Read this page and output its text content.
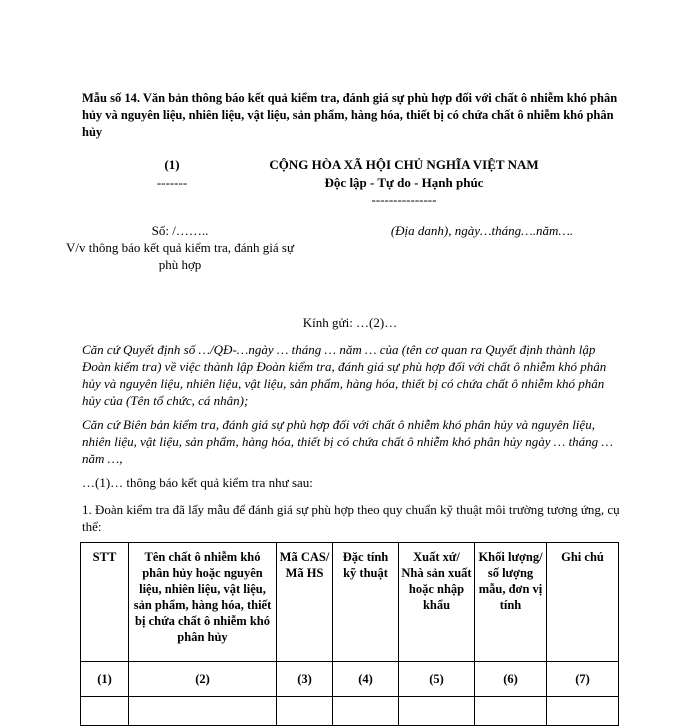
Mẫu số 14. Văn bản thông báo kết quả kiểm tra, đánh giá sự phù hợp đối với chất ô nhiễm khó phân hủy và nguyên liệu, nhiên liệu, vật liệu, sản phẩm, hàng hóa, thiết bị có chứa chất ô nhiễm khó phân hủy
(1)
-------
CỘNG HÒA XÃ HỘI CHỦ NGHĨA VIỆT NAM
Độc lập - Tự do - Hạnh phúc
---------------
Số: /……..
V/v thông báo kết quả kiểm tra, đánh giá sự phù hợp
(Địa danh), ngày…tháng….năm….
Kính gửi: …(2)…
Căn cứ Quyết định số …/QĐ-…ngày … tháng … năm … của (tên cơ quan ra Quyết định thành lập Đoàn kiểm tra) về việc thành lập Đoàn kiểm tra, đánh giá sự phù hợp đối với chất ô nhiễm khó phân hủy và nguyên liệu, nhiên liệu, vật liệu, sản phẩm, hàng hóa, thiết bị có chứa chất ô nhiễm khó phân hủy của (Tên tổ chức, cá nhân);
Căn cứ Biên bản kiểm tra, đánh giá sự phù hợp đối với chất ô nhiễm khó phân hủy và nguyên liệu, nhiên liệu, vật liệu, sản phẩm, hàng hóa, thiết bị có chứa chất ô nhiễm khó phân hủy ngày … tháng … năm …,
…(1)… thông báo kết quả kiểm tra như sau:
1. Đoàn kiểm tra đã lấy mẫu để đánh giá sự phù hợp theo quy chuẩn kỹ thuật môi trường tương ứng, cụ thể:
STT	Tên chất ô nhiễm khó phân hủy hoặc nguyên liệu, nhiên liệu, vật liệu, sản phẩm, hàng hóa, thiết bị chứa chất ô nhiễm khó phân hủy	Mã CAS/ Mã HS	Đặc tính kỹ thuật	Xuất xứ/ Nhà sản xuất hoặc nhập khẩu	Khối lượng/ số lượng mẫu, đơn vị tính	Ghi chú
(1)	(2)	(3)	(4)	(5)	(6)	(7)
